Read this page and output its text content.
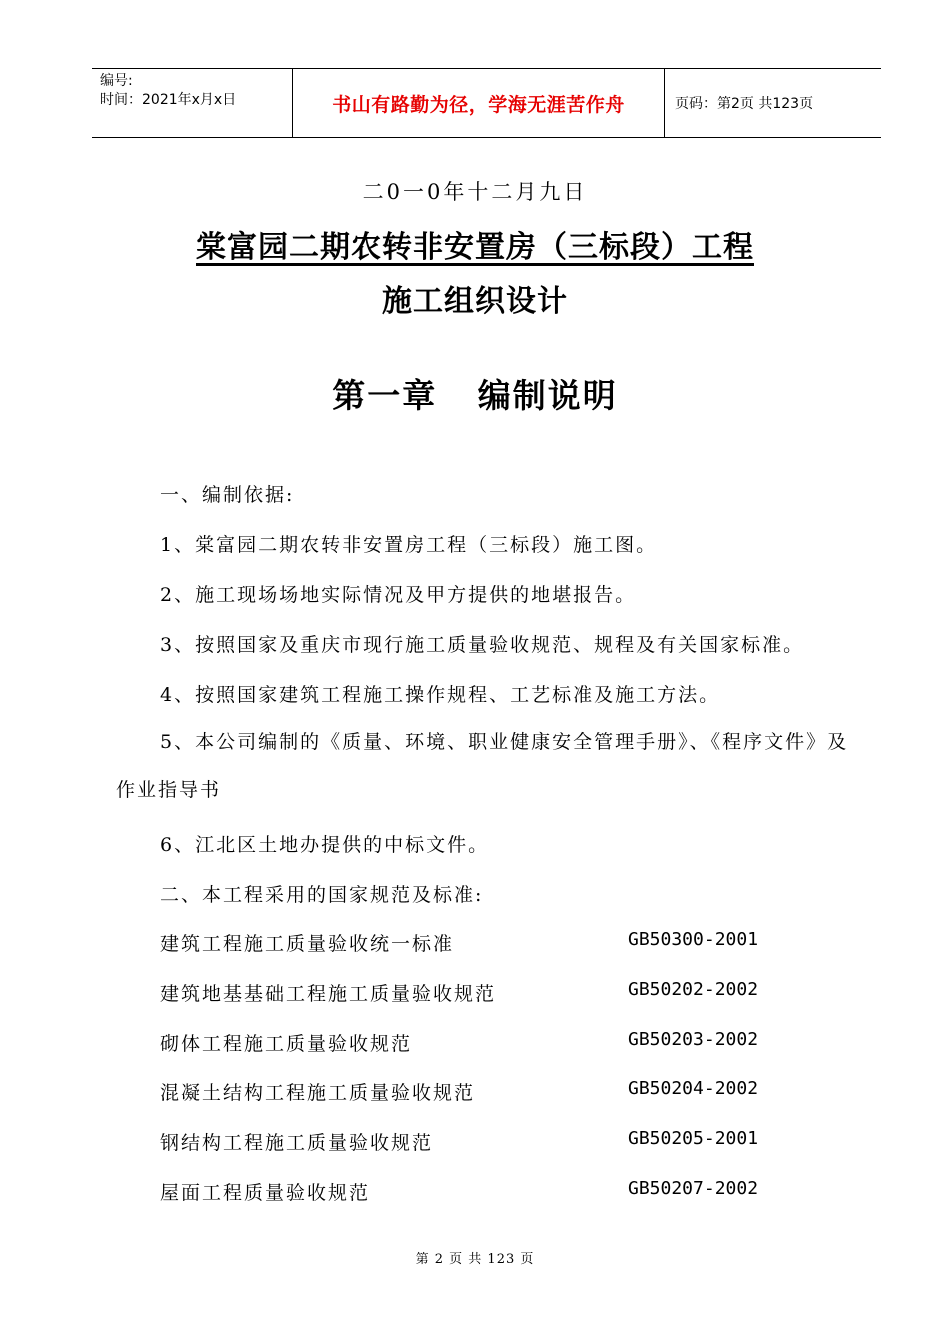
编号:
时间：2021年x月x日	书山有路勤为径，学海无涯苦作舟	页码：第2页 共123页
二0一0年十二月九日
棠富园二期农转非安置房（三标段）工程
施工组织设计
第一章   编制说明
一、编制依据:
1、棠富园二期农转非安置房工程（三标段）施工图。
2、施工现场场地实际情况及甲方提供的地堪报告。
3、按照国家及重庆市现行施工质量验收规范、规程及有关国家标准。
4、按照国家建筑工程施工操作规程、工艺标准及施工方法。
5、本公司编制的《质量、环境、职业健康安全管理手册》、《程序文件》及作业指导书
6、江北区土地办提供的中标文件。
二、本工程采用的国家规范及标准:
建筑工程施工质量验收统一标准	GB50300-2001
建筑地基基础工程施工质量验收规范	GB50202-2002
砌体工程施工质量验收规范	GB50203-2002
混凝土结构工程施工质量验收规范	GB50204-2002
钢结构工程施工质量验收规范	GB50205-2001
屋面工程质量验收规范	GB50207-2002
第 2 页 共 123 页
